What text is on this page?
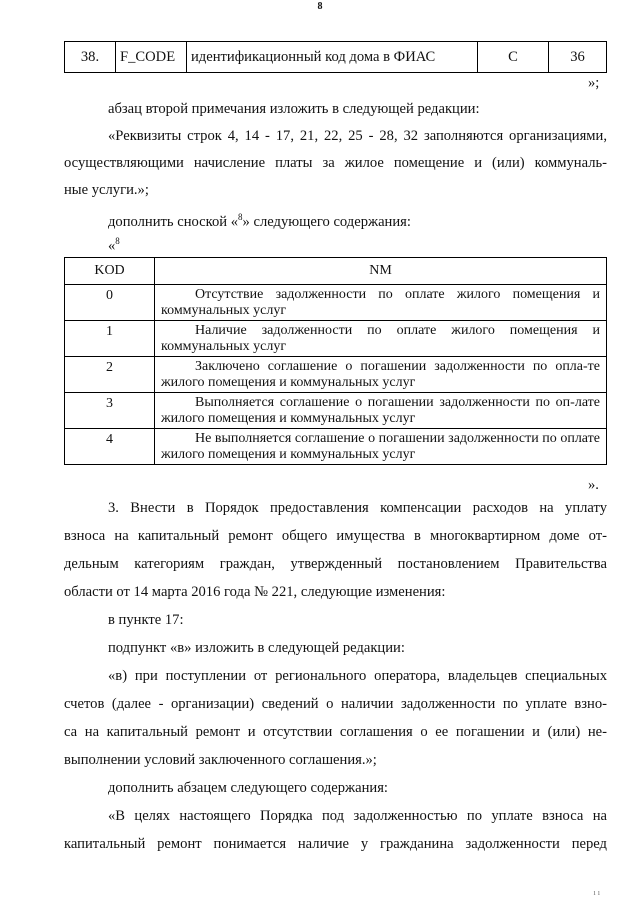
8
38.	F_CODE	идентификационный код дома в ФИАС	С	36
»;
абзац второй примечания изложить в следующей редакции:
«Реквизиты строк 4, 14 - 17, 21, 22, 25 - 28, 32 заполняются организациями,
осуществляющими начисление платы за жилое помещение и (или) коммуналь-
ные услуги.»;
дополнить сноской «$^8$» следующего содержания:
«$^8$
KOD	NM
0	Отсутствие задолженности по оплате жилого помещения и коммунальных услуг
1	Наличие задолженности по оплате жилого помещения и коммунальных услуг
2	Заключено соглашение о погашении задолженности по опла-те жилого помещения и коммунальных услуг
3	Выполняется соглашение о погашении задолженности по оп-лате жилого помещения и коммунальных услуг
4	Не выполняется соглашение о погашении задолженности по оплате жилого помещения и коммунальных услуг
».
3. Внести в Порядок предоставления компенсации расходов на уплату
взноса на капитальный ремонт общего имущества в многоквартирном доме от-
дельным категориям граждан, утвержденный постановлением Правительства
области от 14 марта 2016 года № 221, следующие изменения:
в пункте 17:
подпункт «в» изложить в следующей редакции:
«в) при поступлении от регионального оператора, владельцев специальных
счетов (далее - организации) сведений о наличии задолженности по уплате взно-
са на капитальный ремонт и отсутствии соглашения о ее погашении и (или) не-
выполнении условий заключенного соглашения.»;
дополнить абзацем следующего содержания:
«В целях настоящего Порядка под задолженностью по уплате взноса на
капитальный ремонт понимается наличие у гражданина задолженности перед
ı ı
